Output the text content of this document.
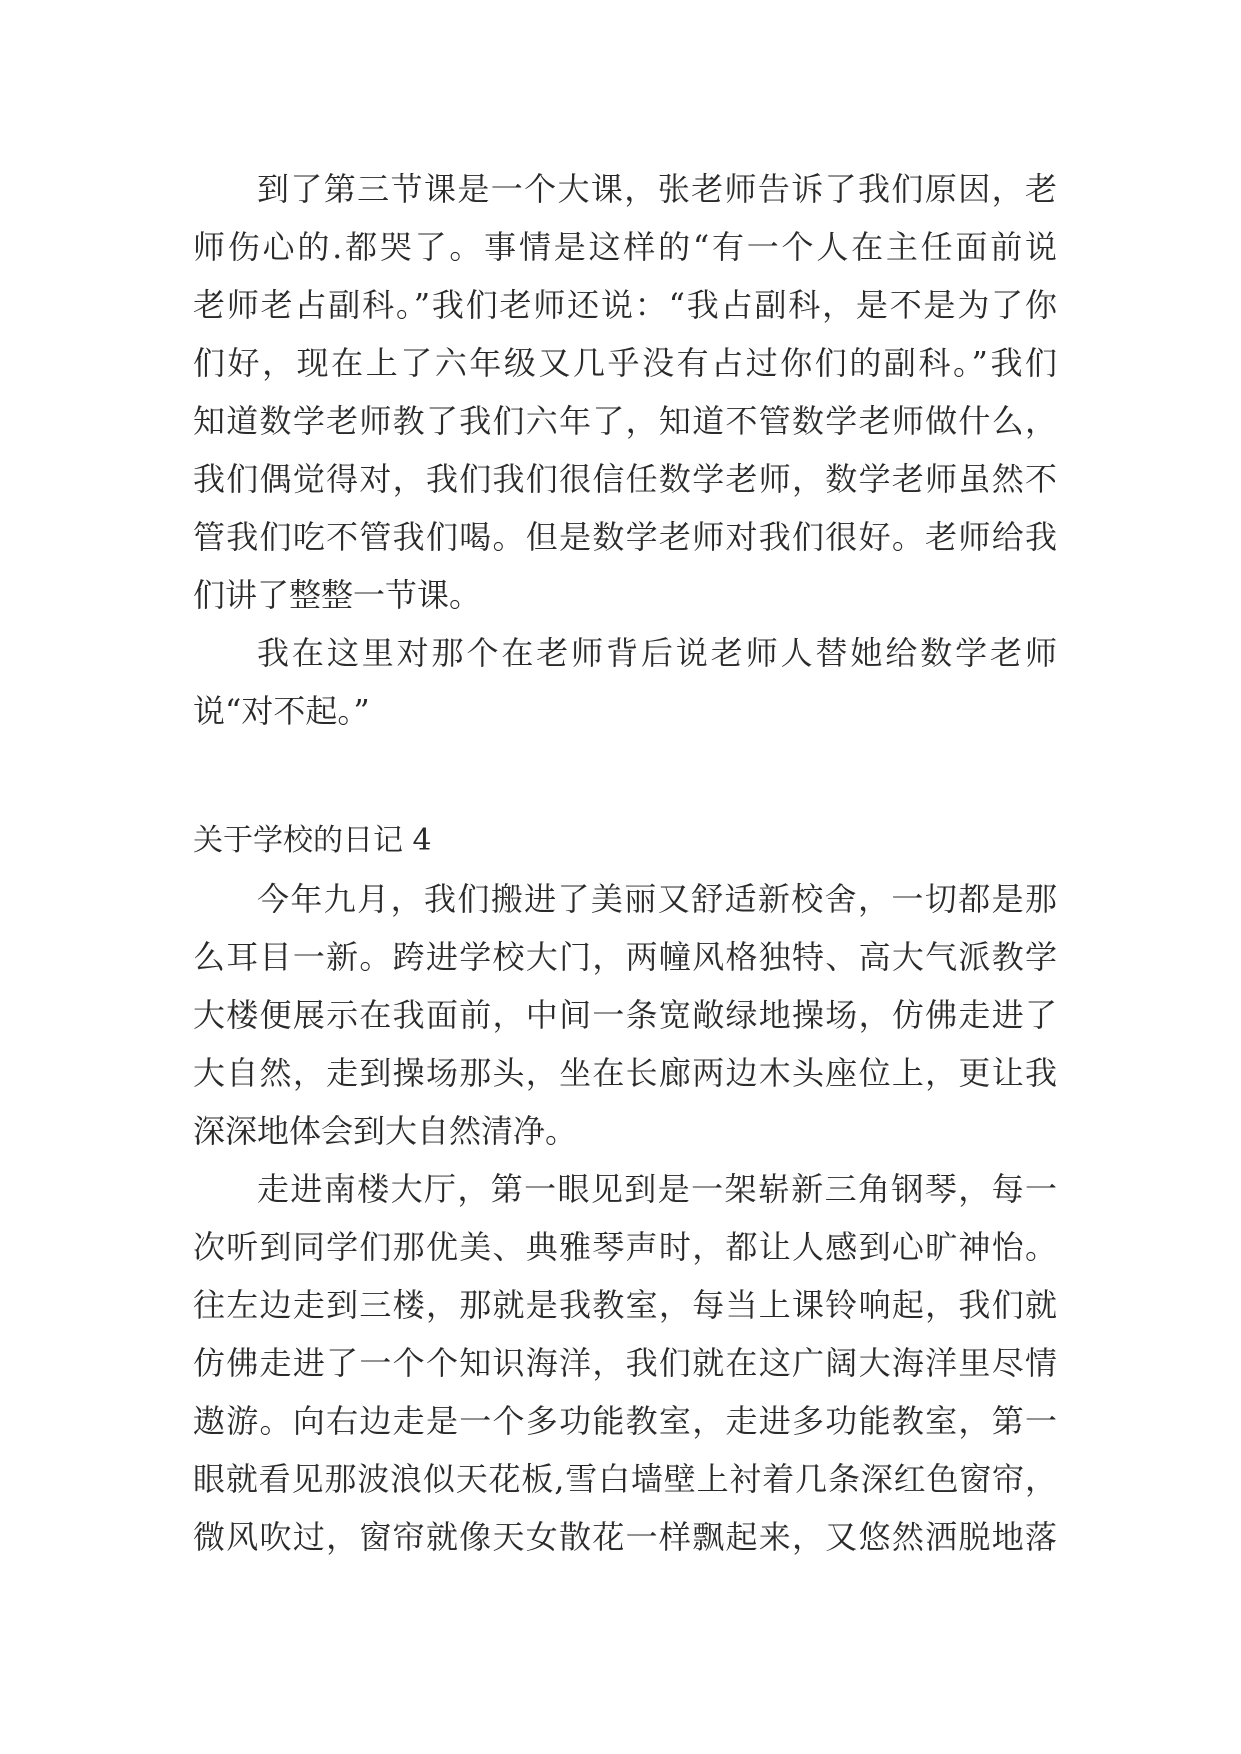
到了第三节课是一个大课，张老师告诉了我们原因，老
师伤心的.都哭了。事情是这样的“有一个人在主任面前说
老师老占副科。”我们老师还说：“我占副科，是不是为了你
们好，现在上了六年级又几乎没有占过你们的副科。”我们
知道数学老师教了我们六年了，知道不管数学老师做什么，
我们偶觉得对，我们我们很信任数学老师，数学老师虽然不
管我们吃不管我们喝。但是数学老师对我们很好。老师给我
们讲了整整一节课。
我在这里对那个在老师背后说老师人替她给数学老师
说“对不起。”
关于学校的日记 4
今年九月，我们搬进了美丽又舒适新校舍，一切都是那
么耳目一新。跨进学校大门，两幢风格独特、高大气派教学
大楼便展示在我面前，中间一条宽敞绿地操场，仿佛走进了
大自然，走到操场那头，坐在长廊两边木头座位上，更让我
深深地体会到大自然清净。
走进南楼大厅，第一眼见到是一架崭新三角钢琴，每一
次听到同学们那优美、典雅琴声时，都让人感到心旷神怡。
往左边走到三楼，那就是我教室，每当上课铃响起，我们就
仿佛走进了一个个知识海洋，我们就在这广阔大海洋里尽情
遨游。向右边走是一个多功能教室，走进多功能教室，第一
眼就看见那波浪似天花板,雪白墙壁上衬着几条深红色窗帘，
微风吹过，窗帘就像天女散花一样飘起来，又悠然洒脱地落
